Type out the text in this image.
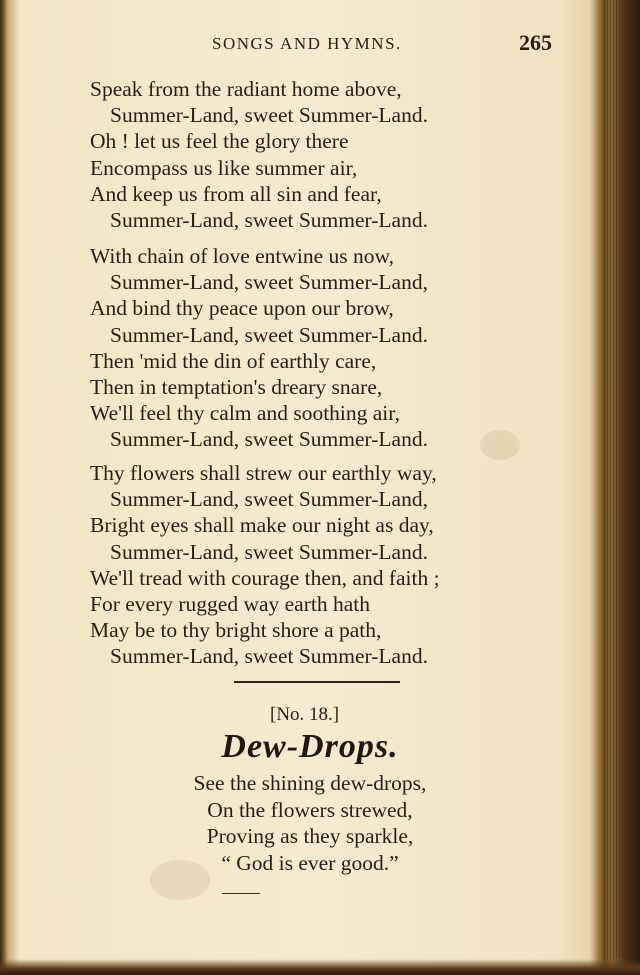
SONGS AND HYMNS.	265
Speak from the radiant home above,
Summer-Land, sweet Summer-Land.
Oh ! let us feel the glory there
Encompass us like summer air,
And keep us from all sin and fear,
Summer-Land, sweet Summer-Land.
With chain of love entwine us now,
Summer-Land, sweet Summer-Land,
And bind thy peace upon our brow,
Summer-Land, sweet Summer-Land.
Then 'mid the din of earthly care,
Then in temptation's dreary snare,
We'll feel thy calm and soothing air,
Summer-Land, sweet Summer-Land.
Thy flowers shall strew our earthly way,
Summer-Land, sweet Summer-Land,
Bright eyes shall make our night as day,
Summer-Land, sweet Summer-Land.
We'll tread with courage then, and faith ;
For every rugged way earth hath
May be to thy bright shore a path,
Summer-Land, sweet Summer-Land.
[No. 18.]
Dew-Drops.
See the shining dew-drops,
On the flowers strewed,
Proving as they sparkle,
“ God is ever good.”
